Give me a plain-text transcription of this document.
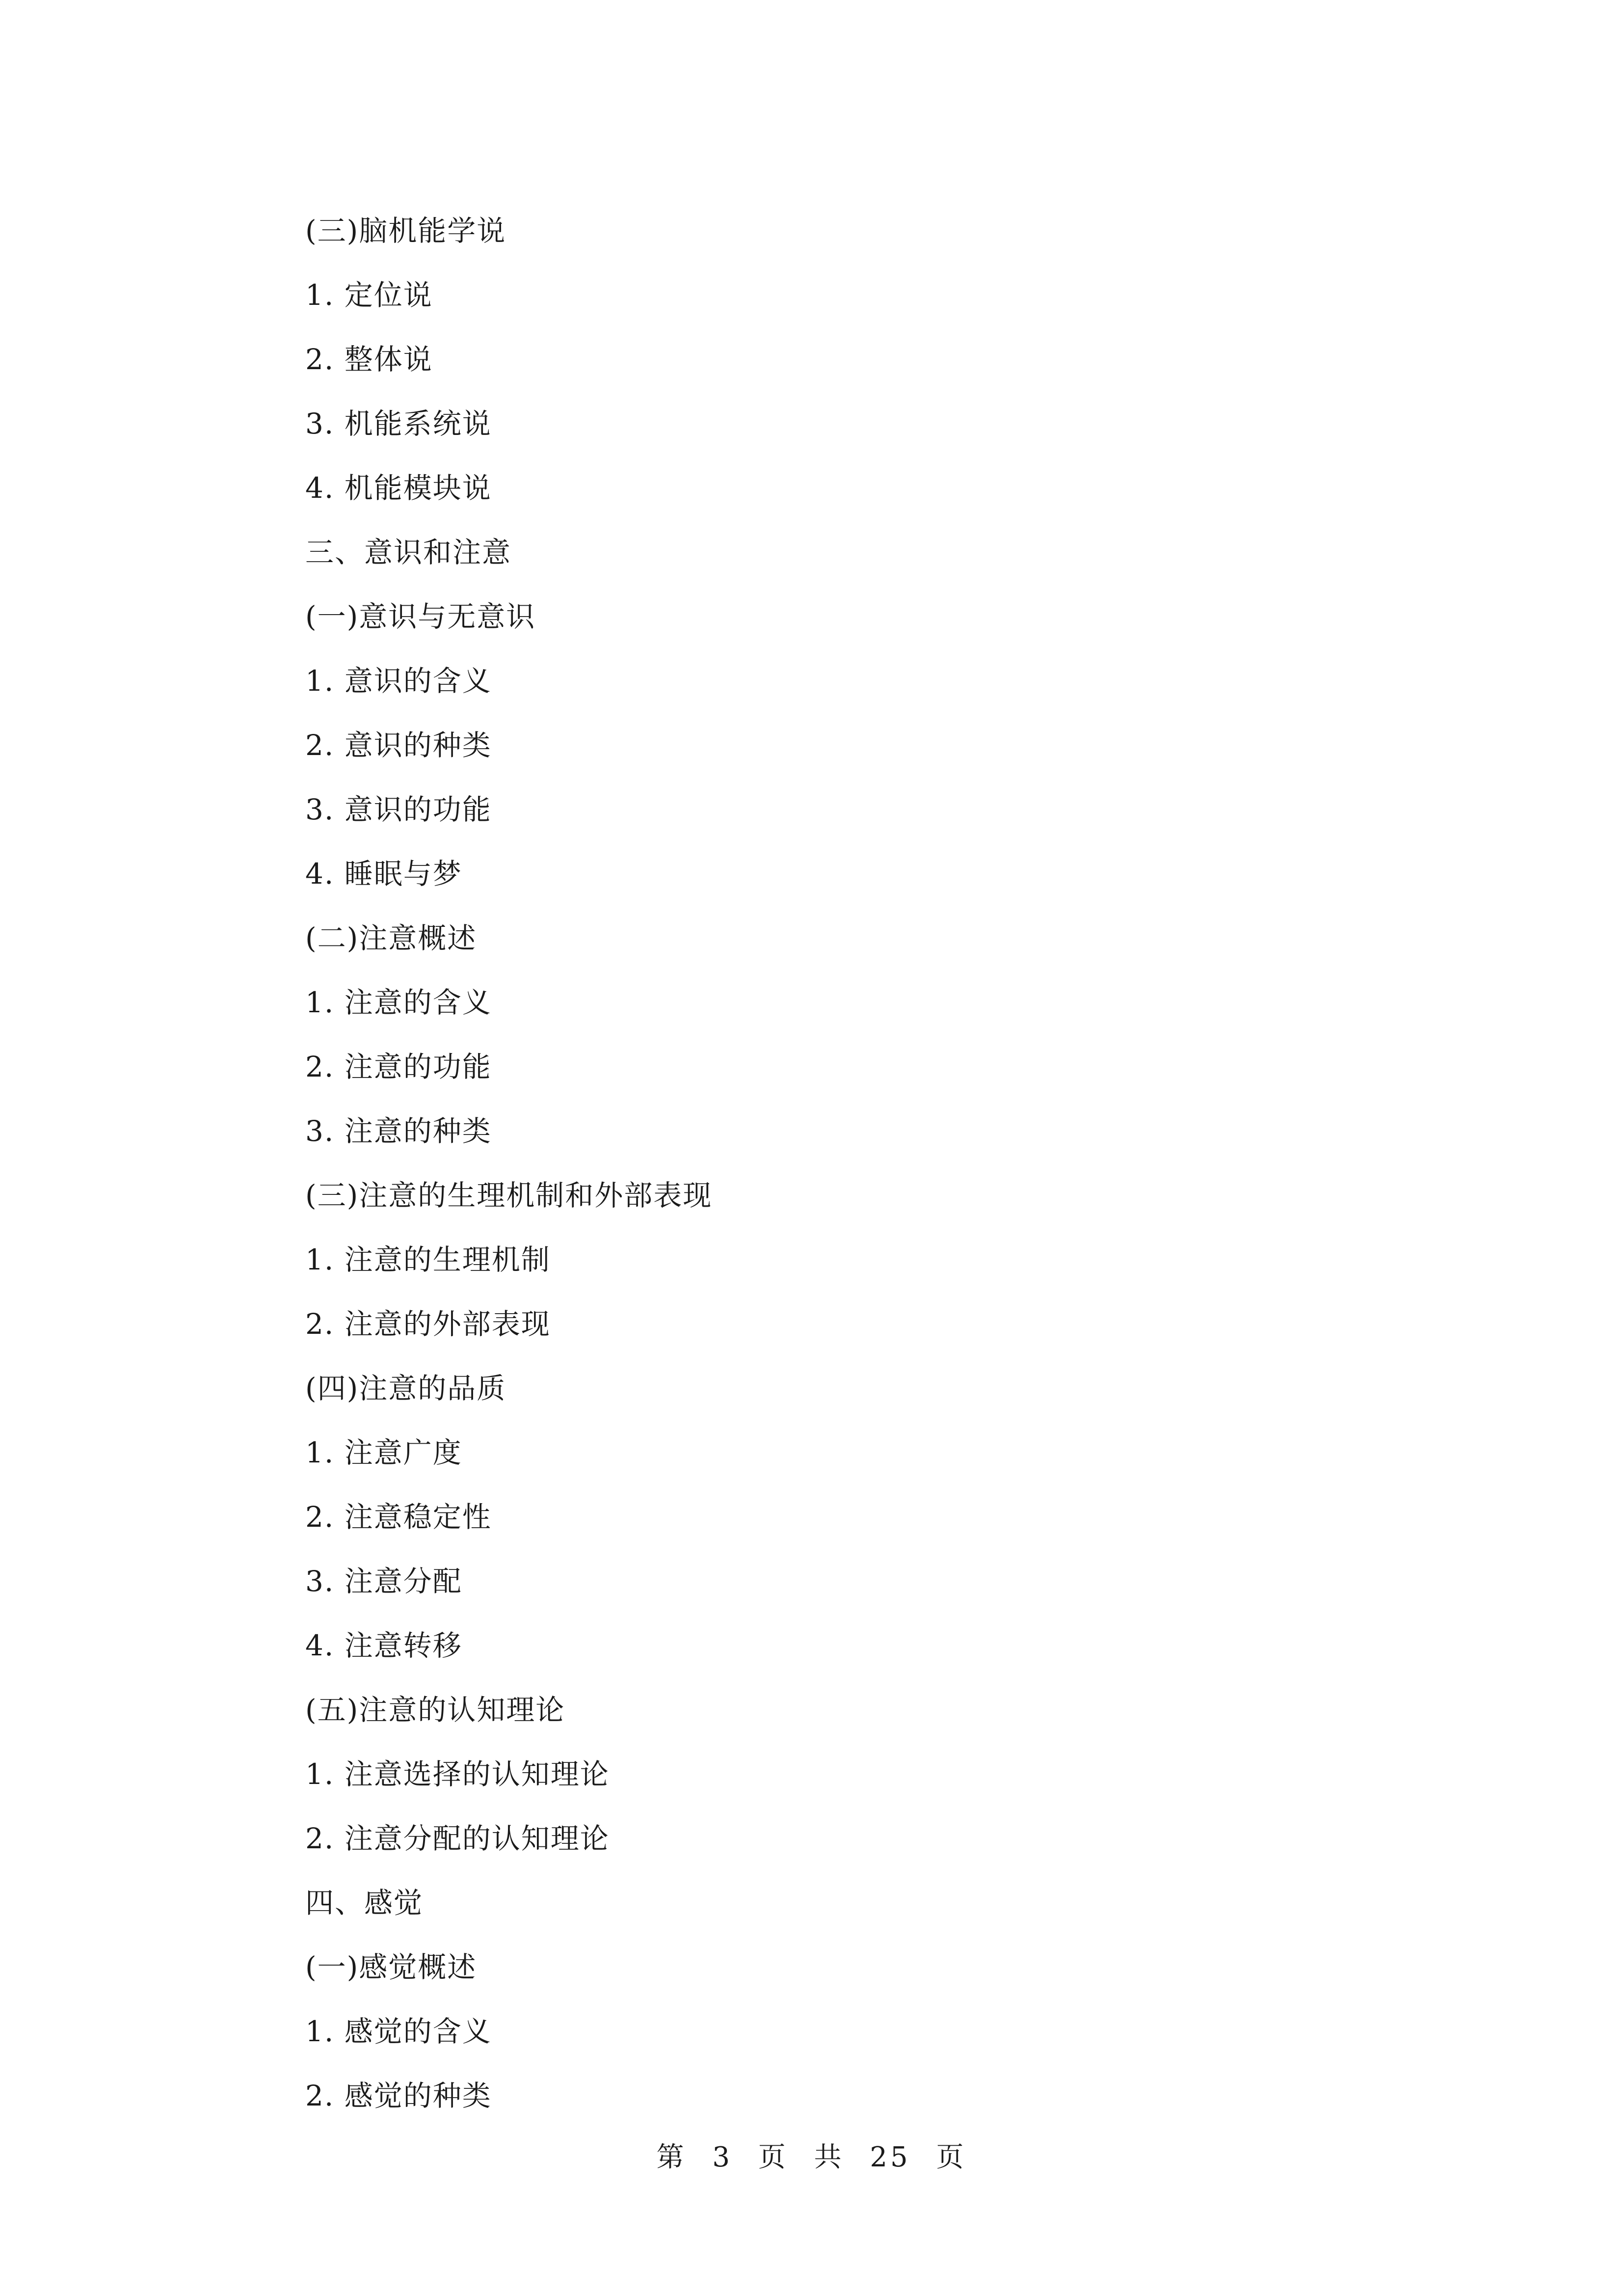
(三)脑机能学说
1. 定位说
2. 整体说
3. 机能系统说
4. 机能模块说
三、意识和注意
(一)意识与无意识
1. 意识的含义
2. 意识的种类
3. 意识的功能
4. 睡眠与梦
(二)注意概述
1. 注意的含义
2. 注意的功能
3. 注意的种类
(三)注意的生理机制和外部表现
1. 注意的生理机制
2. 注意的外部表现
(四)注意的品质
1. 注意广度
2. 注意稳定性
3. 注意分配
4. 注意转移
(五)注意的认知理论
1. 注意选择的认知理论
2. 注意分配的认知理论
四、感觉
(一)感觉概述
1. 感觉的含义
2. 感觉的种类
第 3 页 共 25 页
